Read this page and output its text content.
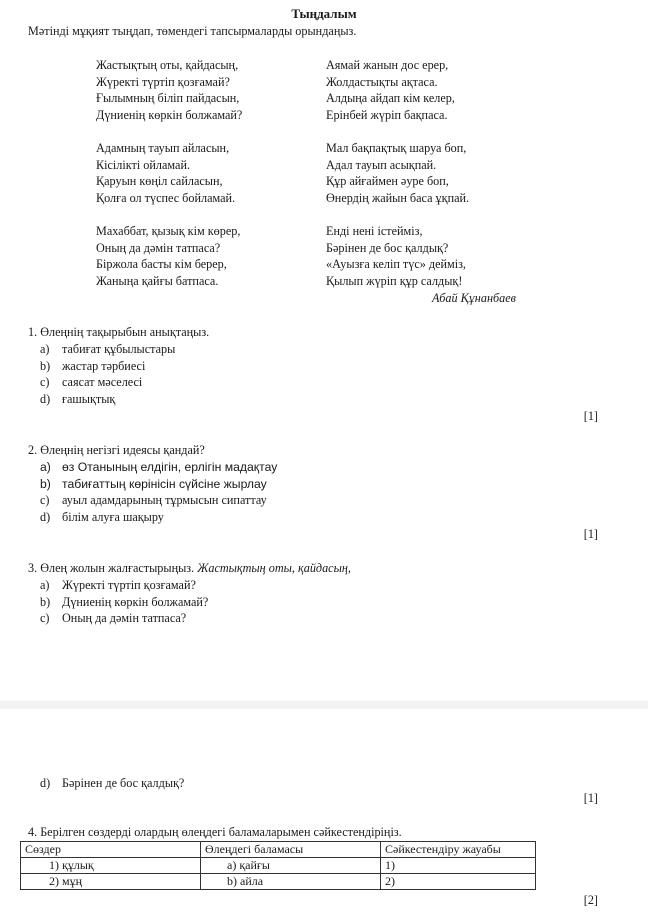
Тыңдалым
Мәтінді мұқият тыңдап, төмендегі тапсырмаларды орындаңыз.
Жастықтың оты, қайдасың,
Жүректі түртіп қозғамай?
Ғылымның біліп пайдасын,
Дүниенің көркін болжамай?
Адамның тауып айласын,
Кісілікті ойламай.
Қаруын көңіл сайласын,
Қолға ол түспес бойламай.
Махаббат, қызық кім көрер,
Оның да дәмін татпаса?
Біржола басты кім берер,
Жаныңа қайғы батпаса.
Аямай жанын дос ерер,
Жолдастықты ақтаса.
Алдыңа айдап кім келер,
Ерінбей жүріп бақпаса.
Мал бақпақтық шаруа боп,
Адал тауып асықпай.
Құр айғаймен әуре боп,
Өнердің жайын баса ұқпай.
Енді нені істейміз,
Бәрінен де бос қалдық?
«Ауызға келіп түс» дейміз,
Қылып жүріп құр салдық!
Абай Құнанбаев
1. Өлеңнің тақырыбын анықтаңыз.
a) табиғат құбылыстары
b) жастар тәрбиесі
c) саясат мәселесі
d) ғашықтық
[1]
2. Өлеңнің негізгі идеясы қандай?
a) өз Отанының елдігін, ерлігін мадақтау
b) табиғаттың көрінісін сүйсіне жырлау
c) ауыл адамдарының тұрмысын сипаттау
d) білім алуға шақыру
[1]
3. Өлең жолын жалғастырыңыз. Жастықтың оты, қайдасың,
a) Жүректі түртіп қозғамай?
b) Дүниенің көркін болжамай?
c) Оның да дәмін татпаса?
d) Бәрінен де бос қалдық?
[1]
4. Берілген сөздерді олардың өлеңдегі баламаларымен сәйкестендіріңіз.
Сөздер	Өлеңдегі баламасы	Сәйкестендіру жауабы
1) құлық	a) қайғы	1)
2) мұң	b) айла	2)
[2]
